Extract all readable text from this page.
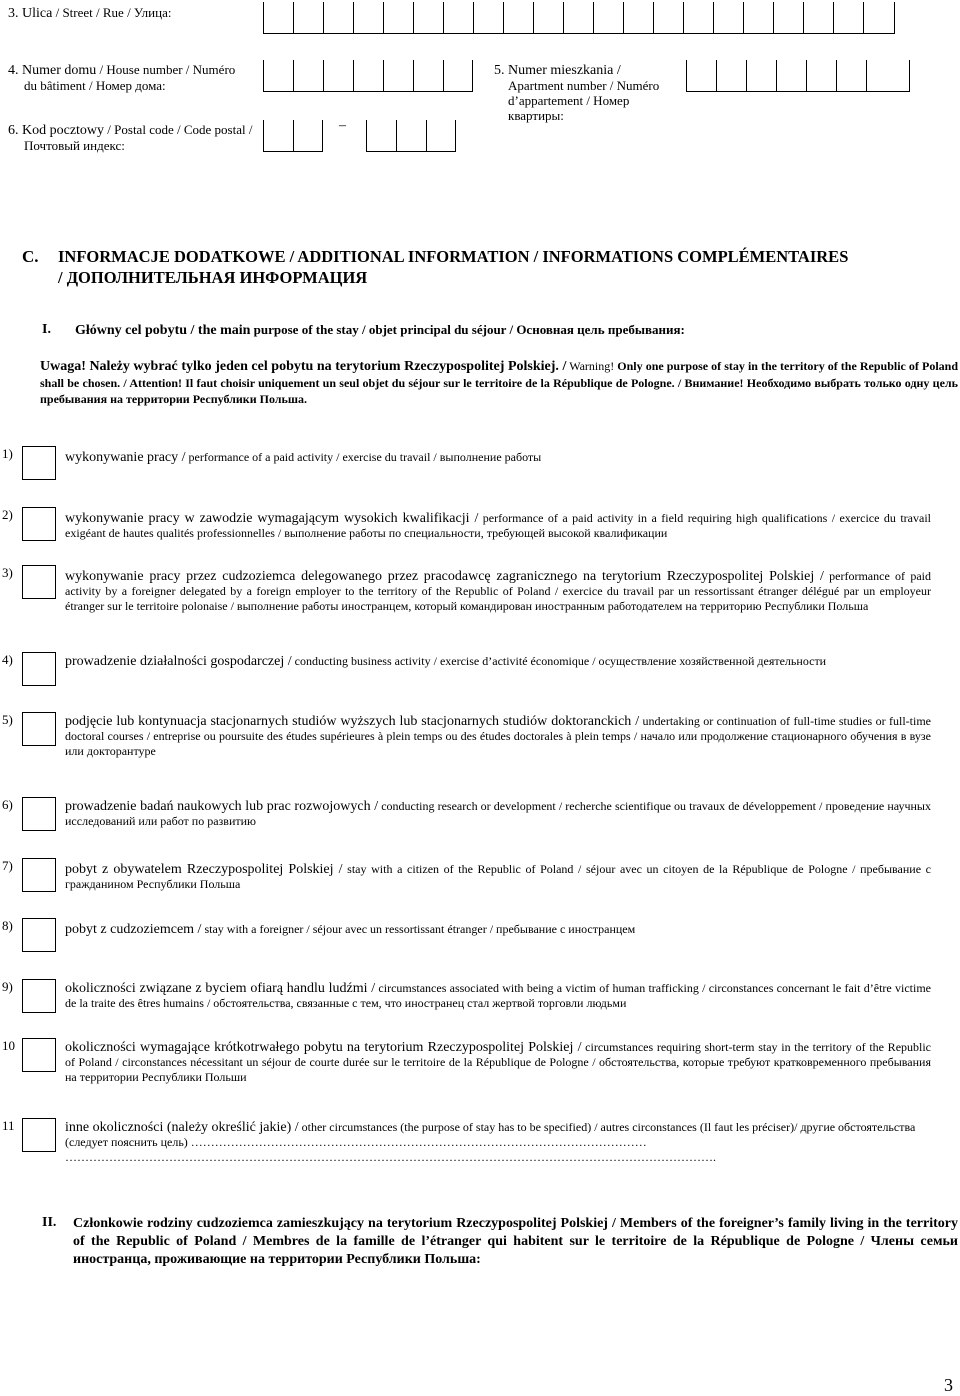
3. Ulica / Street / Rue / Улица:
4. Numer domu / House number / Numéro
du bâtiment / Номер дома:
6. Kod pocztowy / Postal code / Code postal /
Почтовый индекс:
–
5. Numer mieszkania /
Apartment number / Numéro
d’appartement / Номер
квартиры:
C. INFORMACJE DODATKOWE / ADDITIONAL INFORMATION / INFORMATIONS COMPLÉMENTAIRES
/ ДОПОЛНИТЕЛЬНАЯ ИНФОРМАЦИЯ
I. Główny cel pobytu / the main purpose of the stay / objet principal du séjour / Основная цель пребывания:
Uwaga! Należy wybrać tylko jeden cel pobytu na terytorium Rzeczypospolitej Polskiej. / Warning! Only one purpose of stay in the territory of the Republic of Poland shall be chosen. / Attention! Il faut choisir uniquement un seul objet du séjour sur le territoire de la République de Pologne. / Внимание! Необходимо выбрать только одну цель пребывания на территории Республики Польша.
1)	wykonywanie pracy / performance of a paid activity / exercise du travail / выполнение работы
2)	wykonywanie pracy w zawodzie wymagającym wysokich kwalifikacji / performance of a paid activity in a field requiring high qualifications / exercice du travail exigéant de hautes qualités professionnelles / выполнение работы по специальности, требующей высокой квалификации
3)	wykonywanie pracy przez cudzoziemca delegowanego przez pracodawcę zagranicznego na terytorium Rzeczypospolitej Polskiej / performance of paid activity by a foreigner delegated by a foreign employer to the territory of the Republic of Poland / exercice du travail par un ressortissant étranger délégué par un employeur étranger sur le territoire polonaise / выполнение работы иностранцем, который командирован иностранным работодателем на территорию Республики Польша
4)	prowadzenie działalności gospodarczej / conducting business activity / exercise d’activité économique / осуществление хозяйственной деятельности
5)	podjęcie lub kontynuacja stacjonarnych studiów wyższych lub stacjonarnych studiów doktoranckich / undertaking or continuation of full-time studies or full-time doctoral courses / entreprise ou poursuite des études supérieures à plein temps ou des études doctorales à plein temps / начало или продолжение стационарного обучения в вузе или докторантуре
6)	prowadzenie badań naukowych lub prac rozwojowych / conducting research or development / recherche scientifique ou travaux de développement / проведение научных исследований или работ по развитию
7)	pobyt z obywatelem Rzeczypospolitej Polskiej / stay with a citizen of the Republic of Poland / séjour avec un citoyen de la République de Pologne / пребывание с гражданином Республики Польша
8)	pobyt z cudzoziemcem / stay with a foreigner / séjour avec un ressortissant étranger / пребывание с иностранцем
9)	okoliczności związane z byciem ofiarą handlu ludźmi / circumstances associated with being a victim of human trafficking / circonstances concernant le fait d’être victime de la traite des êtres humains / обстоятельства, связанные с тем, что иностранец стал жертвой торговли людьми
10	okoliczności wymagające krótkotrwałego pobytu na terytorium Rzeczypospolitej Polskiej / circumstances requiring short-term stay in the territory of the Republic of Poland / circonstances nécessitant un séjour de courte durée sur le territoire de la République de Pologne / обстоятельства, которые требуют кратковременного пребывания на территории Республики Польши
11	inne okoliczności (należy określić jakie) / other circumstances (the purpose of stay has to be specified) / autres circonstances (Il faut les préciser)/ другие обстоятельства (следует пояснить цель) ……………………………………………………………………………………………………
……………………………………………………………………………………………………………………………………………….
II. Członkowie rodziny cudzoziemca zamieszkujący na terytorium Rzeczypospolitej Polskiej / Members of the foreigner’s family living in the territory of the Republic of Poland / Membres de la famille de l’étranger qui habitent sur le territoire de la République de Pologne / Члены семьи иностранца, проживающие на территории Республики Польша:
3
